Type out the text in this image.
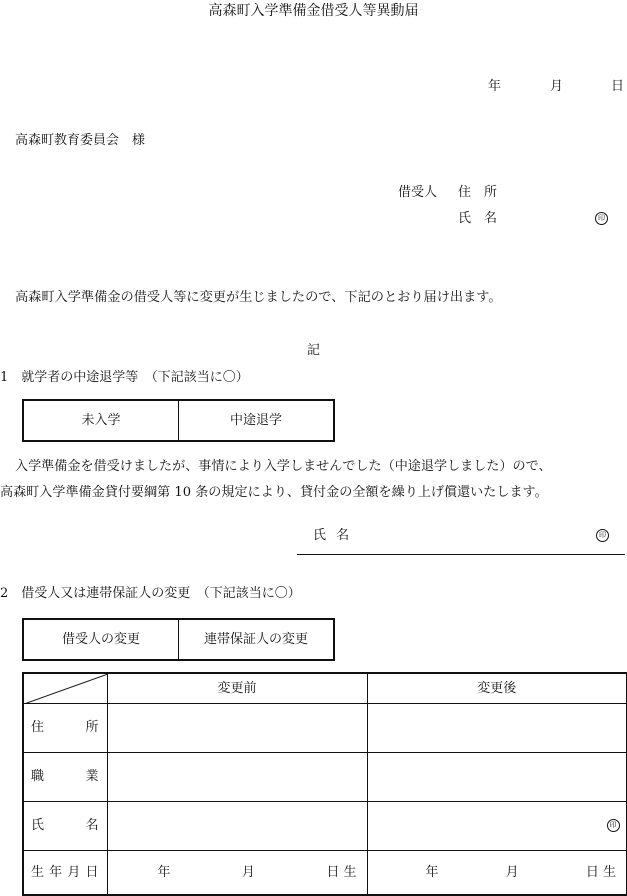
高森町入学準備金借受人等異動届
年	月	日
高森町教育委員会　様
借受人 住　所
氏　名	印
高森町入学準備金の借受人等に変更が生じましたので、下記のとおり届け出ます。
記
1　就学者の中途退学等　（下記該当に〇）
未入学	中途退学
入学準備金を借受けましたが、事情により入学しませんでした（中途退学しました）ので、
高森町入学準備金貸付要綱第 10 条の規定により、貸付金の全額を繰り上げ償還いたします。
氏 名	印
2　借受人又は連帯保証人の変更　（下記該当に〇）
借受人の変更	連帯保証人の変更
	変更前	変更後

住 所		

職 業		

氏 名		印

生 年 月 日	年 月 日 生	年 月 日 生
